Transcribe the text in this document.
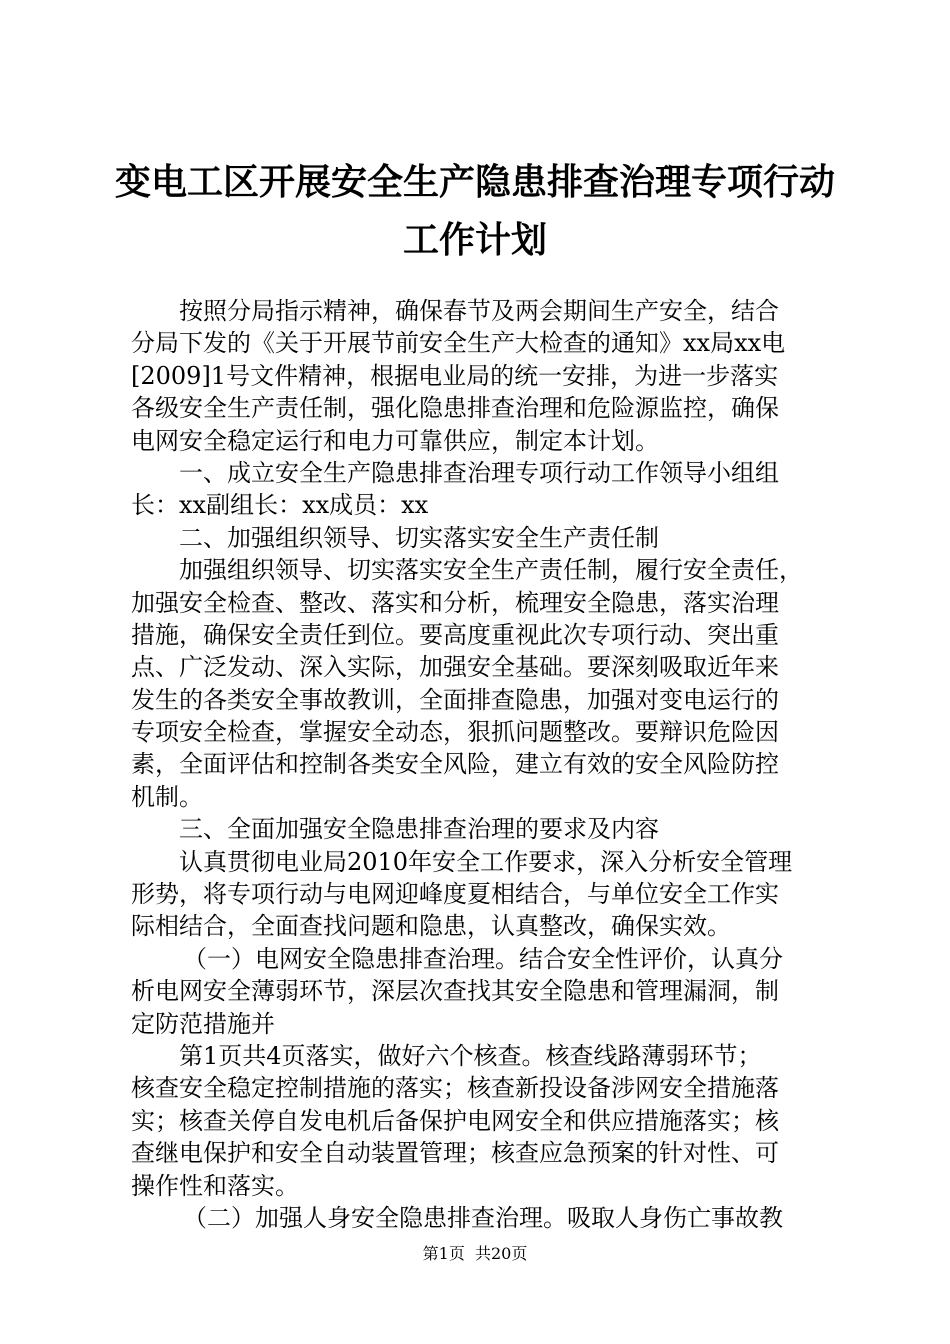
变电工区开展安全生产隐患排查治理专项行动
工作计划
按照分局指示精神，确保春节及两会期间生产安全，结合
分局下发的《关于开展节前安全生产大检查的通知》xx局xx电
[2009]1号文件精神，根据电业局的统一安排，为进一步落实
各级安全生产责任制，强化隐患排查治理和危险源监控，确保
电网安全稳定运行和电力可靠供应，制定本计划。
一、成立安全生产隐患排查治理专项行动工作领导小组组
长：xx副组长：xx成员：xx
二、加强组织领导、切实落实安全生产责任制
加强组织领导、切实落实安全生产责任制，履行安全责任，
加强安全检查、整改、落实和分析，梳理安全隐患，落实治理
措施，确保安全责任到位。要高度重视此次专项行动、突出重
点、广泛发动、深入实际，加强安全基础。要深刻吸取近年来
发生的各类安全事故教训，全面排查隐患，加强对变电运行的
专项安全检查，掌握安全动态，狠抓问题整改。要辩识危险因
素，全面评估和控制各类安全风险，建立有效的安全风险防控
机制。
三、全面加强安全隐患排查治理的要求及内容
认真贯彻电业局2010年安全工作要求，深入分析安全管理
形势，将专项行动与电网迎峰度夏相结合，与单位安全工作实
际相结合，全面查找问题和隐患，认真整改，确保实效。
（一）电网安全隐患排查治理。结合安全性评价，认真分
析电网安全薄弱环节，深层次查找其安全隐患和管理漏洞，制
定防范措施并
第1页共4页落实，做好六个核查。核查线路薄弱环节；
核查安全稳定控制措施的落实；核查新投设备涉网安全措施落
实；核查关停自发电机后备保护电网安全和供应措施落实；核
查继电保护和安全自动装置管理；核查应急预案的针对性、可
操作性和落实。
（二）加强人身安全隐患排查治理。吸取人身伤亡事故教
第1页  共20页
